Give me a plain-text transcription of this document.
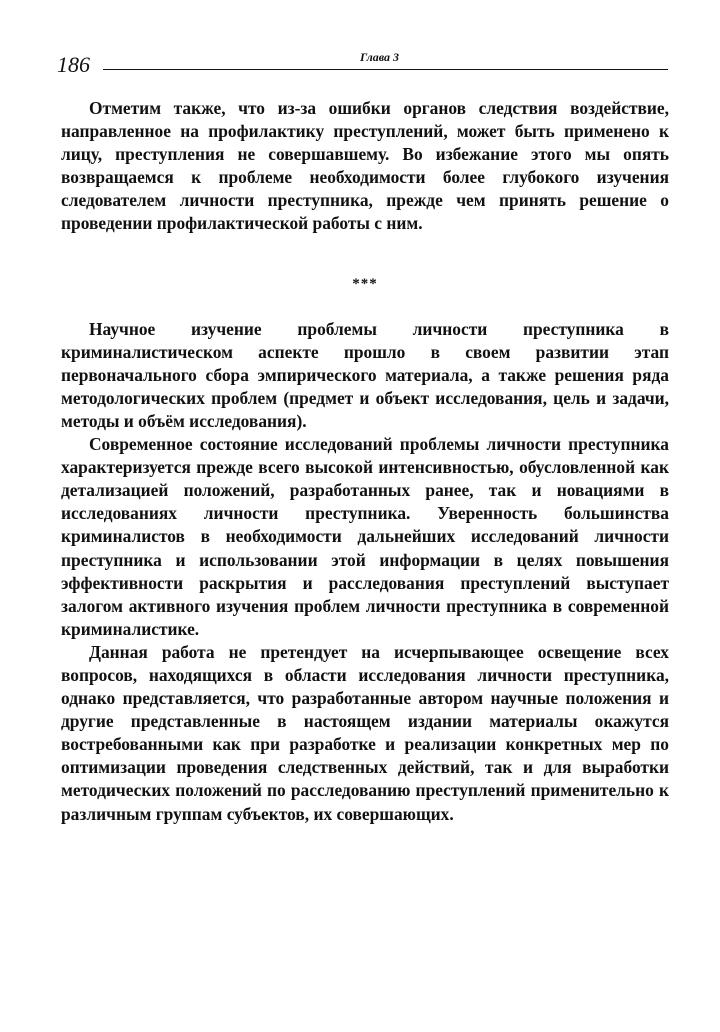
186	Глава 3

Отметим также, что из-за ошибки органов следствия воздействие, направленное на профилактику преступлений, может быть применено к лицу, преступления не совершавшему. Во избежание этого мы опять возвращаемся к проблеме необходимости более глубокого изучения следователем личности преступника, прежде чем принять решение о проведении профилактической работы с ним.

***

Научное изучение проблемы личности преступника в криминалистическом аспекте прошло в своем развитии этап первоначального сбора эмпирического материала, а также решения ряда методологических проблем (предмет и объект исследования, цель и задачи, методы и объём исследования).

Современное состояние исследований проблемы личности преступника характеризуется прежде всего высокой интенсивностью, обусловленной как детализацией положений, разработанных ранее, так и новациями в исследованиях личности преступника. Уверенность большинства криминалистов в необходимости дальнейших исследований личности преступника и использовании этой информации в целях повышения эффективности раскрытия и расследования преступлений выступает залогом активного изучения проблем личности преступника в современной криминалистике.

Данная работа не претендует на исчерпывающее освещение всех вопросов, находящихся в области исследования личности преступника, однако представляется, что разработанные автором научные положения и другие представленные в настоящем издании материалы окажутся востребованными как при разработке и реализации конкретных мер по оптимизации проведения следственных действий, так и для выработки методических положений по расследованию преступлений применительно к различным группам субъектов, их совершающих.
